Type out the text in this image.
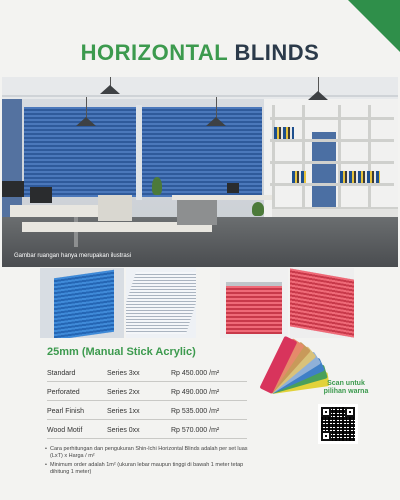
HORIZONTAL BLINDS
Gambar ruangan hanya merupakan ilustrasi
25mm (Manual Stick Acrylic)
Standard	Series 3xx	Rp 450.000 /m²
Perforated	Series 2xx	Rp 490.000 /m²
Pearl Finish	Series 1xx	Rp 535.000 /m²
Wood Motif	Series 0xx	Rp 570.000 /m²
• Cara perhitungan dan pengukuran Shin-Ichi Horizontal Blinds adalah per set luas (LxT) x Harga / m²
• Minimum order adalah 1m² (ukuran lebar maupun tinggi di bawah 1 meter tetap dihitung 1 meter)
Scan untuk
pilihan warna
